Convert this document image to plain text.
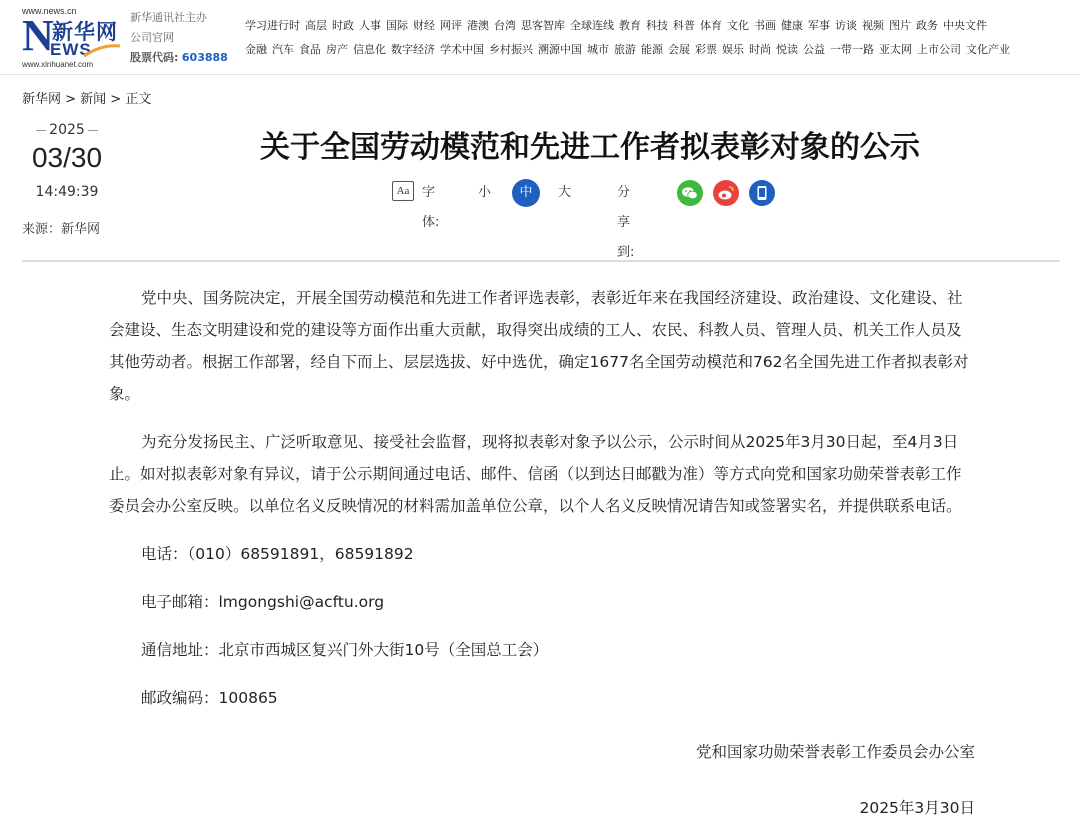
www.news.cn
N
新华网
EWS
www.xinhuanet.com
新华通讯社主办
公司官网
股票代码: 603888
学习进行时 高层 时政 人事 国际 财经 网评 港澳 台湾 思客智库 全球连线 教育 科技 科普 体育 文化 书画 健康 军事 访谈 视频 图片 政务 中央文件
金融 汽车 食品 房产 信息化 数字经济 学术中国 乡村振兴 溯源中国 城市 旅游 能源 会展 彩票 娱乐 时尚 悦读 公益 一带一路 亚太网 上市公司 文化产业
新华网 > 新闻 > 正文
2025
03/30
14:49:39
来源：新华网
关于全国劳动模范和先进工作者拟表彰对象的公示
Aa 字体:
小	中	大	分享到:

党中央、国务院决定，开展全国劳动模范和先进工作者评选表彰，表彰近年来在我国经济建设、政治建设、文化建设、社会建设、生态文明建设和党的建设等方面作出重大贡献，取得突出成绩的工人、农民、科教人员、管理人员、机关工作人员及其他劳动者。根据工作部署，经自下而上、层层选拔、好中选优，确定1677名全国劳动模范和762名全国先进工作者拟表彰对象。

为充分发扬民主、广泛听取意见、接受社会监督，现将拟表彰对象予以公示，公示时间从2025年3月30日起，至4月3日止。如对拟表彰对象有异议，请于公示期间通过电话、邮件、信函（以到达日邮戳为准）等方式向党和国家功勋荣誉表彰工作委员会办公室反映。以单位名义反映情况的材料需加盖单位公章，以个人名义反映情况请告知或签署实名，并提供联系电话。

电话：（010）68591891，68591892

电子邮箱：lmgongshi@acftu.org

通信地址：北京市西城区复兴门外大街10号（全国总工会）

邮政编码：100865

党和国家功勋荣誉表彰工作委员会办公室

2025年3月30日
